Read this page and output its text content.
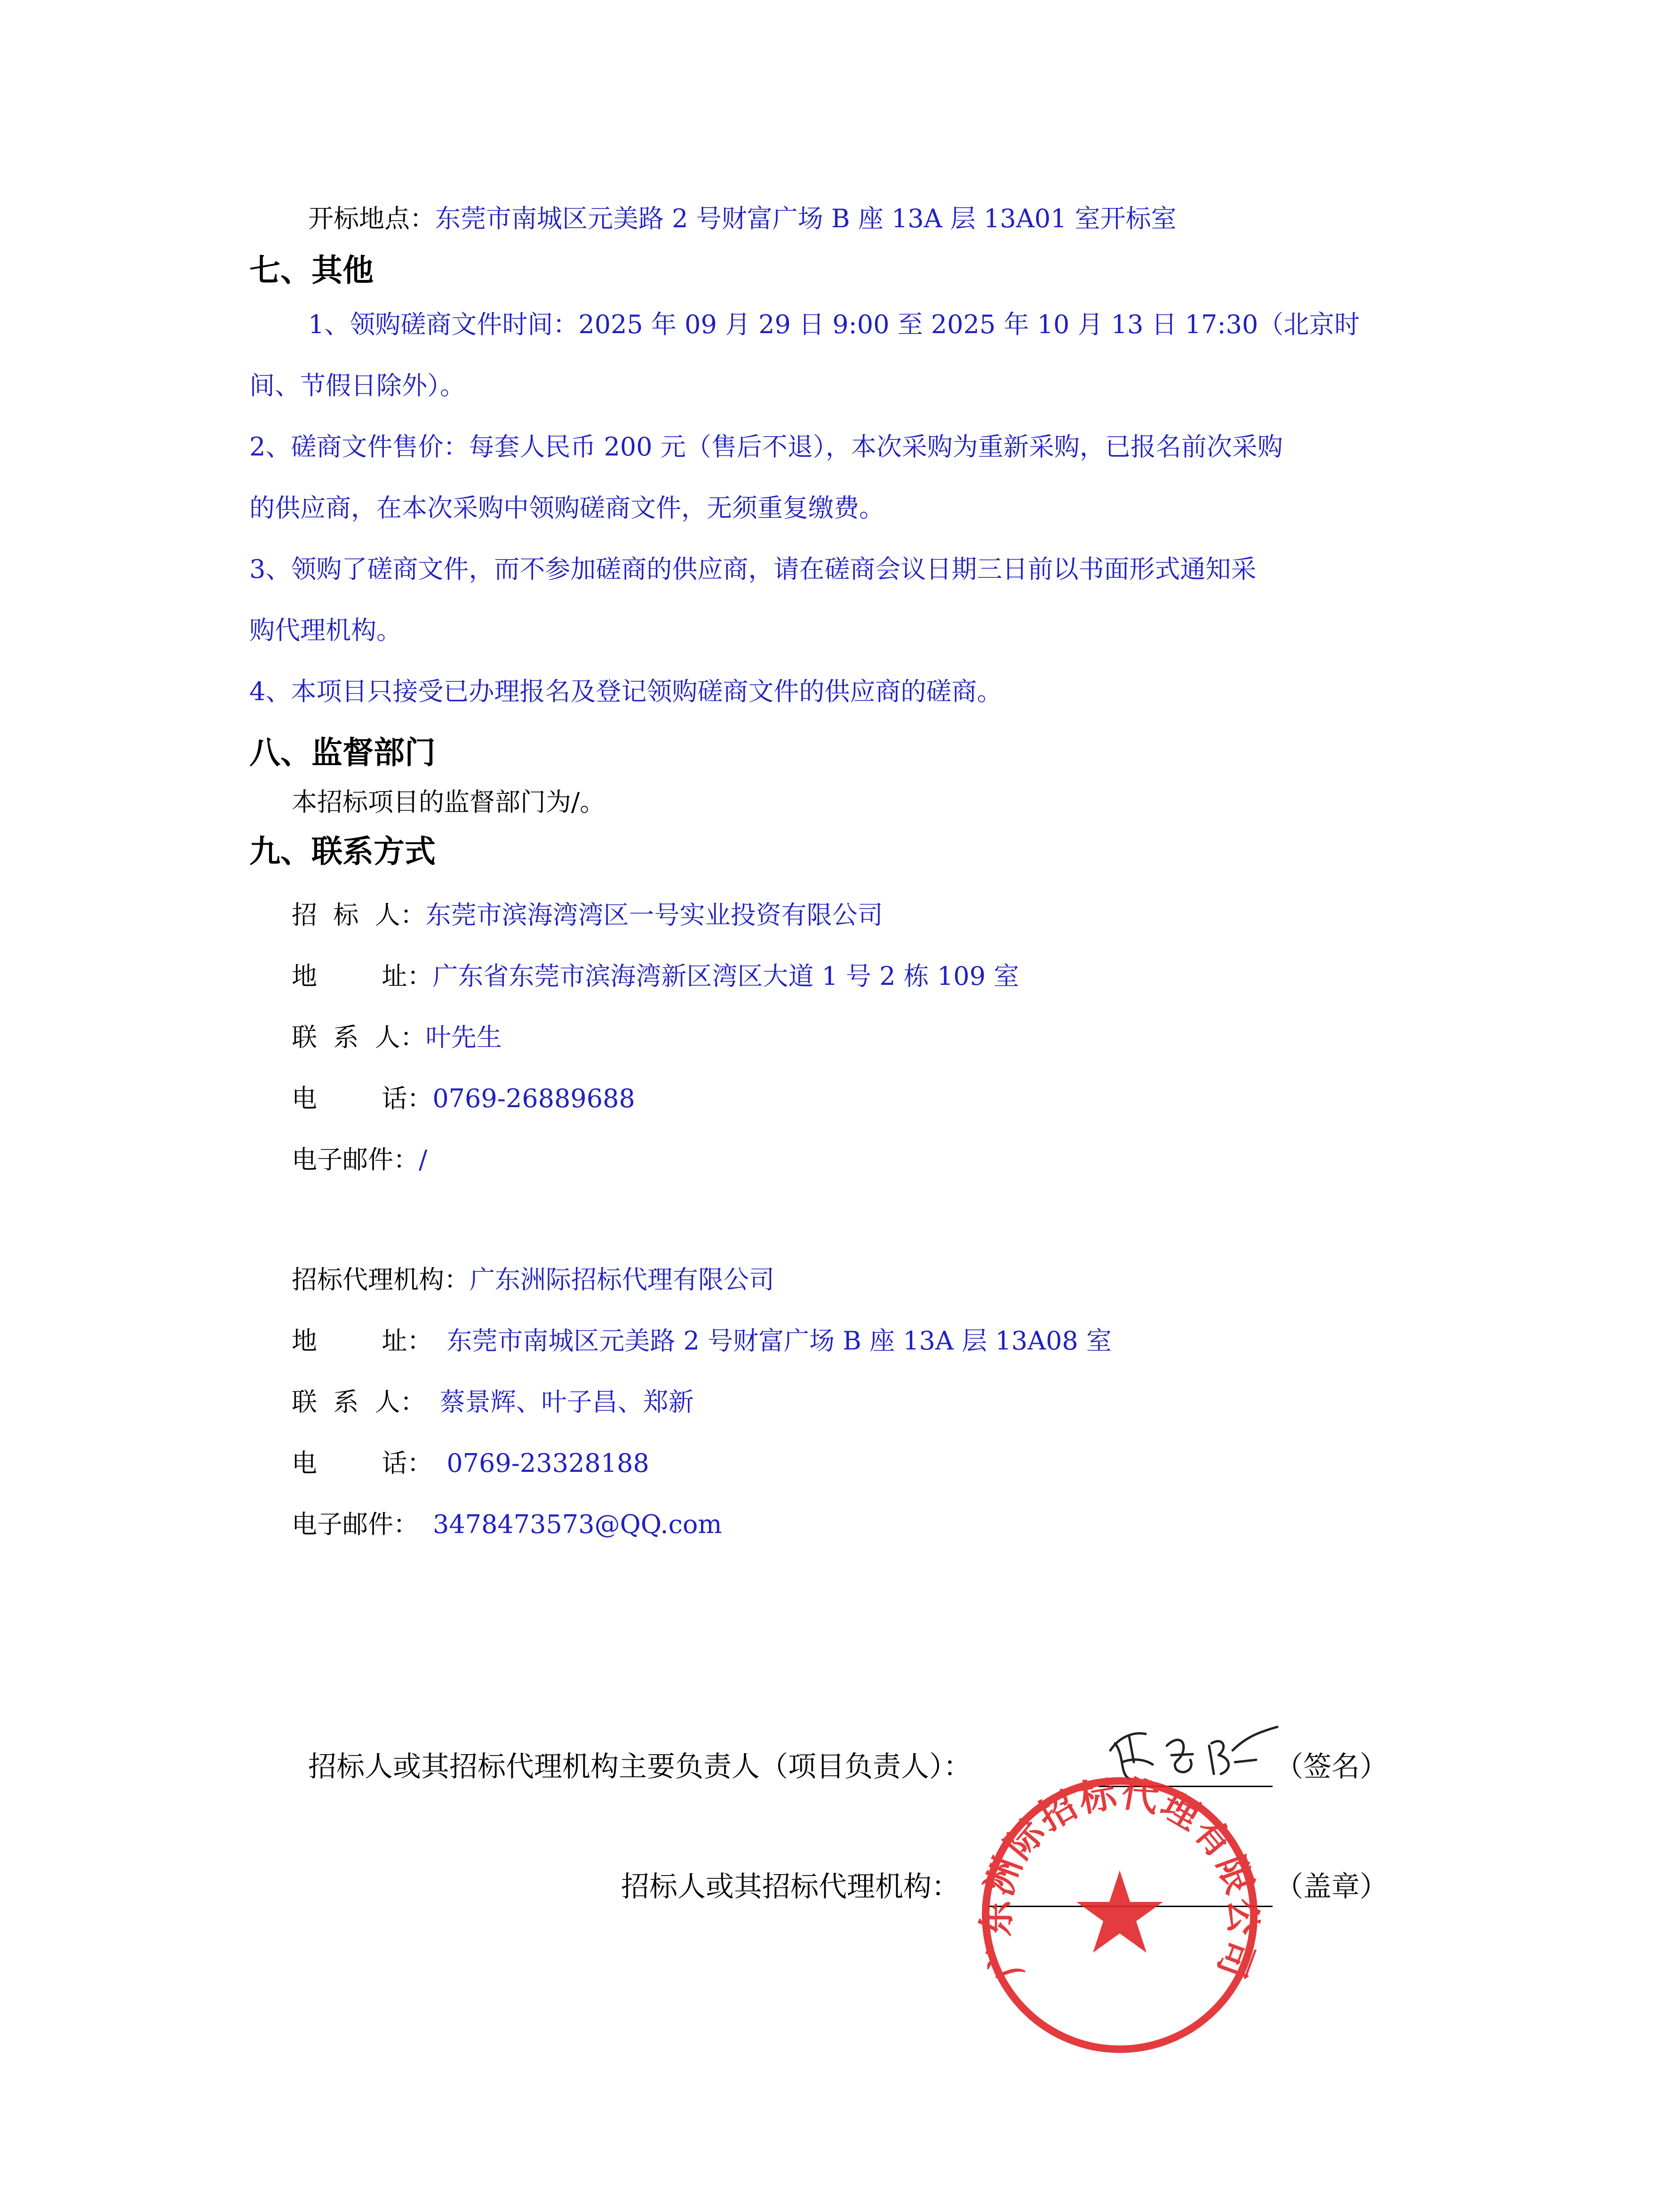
开标地点：东莞市南城区元美路 2 号财富广场 B 座 13A 层 13A01 室开标室
七、其他
1、领购磋商文件时间：2025 年 09 月 29 日 9:00 至 2025 年 10 月 13 日 17:30（北京时
间、节假日除外）。
2、磋商文件售价：每套人民币 200 元（售后不退），本次采购为重新采购，已报名前次采购
的供应商，在本次采购中领购磋商文件，无须重复缴费。
3、领购了磋商文件，而不参加磋商的供应商，请在磋商会议日期三日前以书面形式通知采
购代理机构。
4、本项目只接受已办理报名及登记领购磋商文件的供应商的磋商。
八、监督部门
本招标项目的监督部门为/。
九、联系方式
招  标  人：东莞市滨海湾湾区一号实业投资有限公司
地        址：广东省东莞市滨海湾新区湾区大道 1 号 2 栋 109 室
联  系  人：叶先生
电        话：0769-26889688
电子邮件：/
招标代理机构：广东洲际招标代理有限公司
地        址： 东莞市南城区元美路 2 号财富广场 B 座 13A 层 13A08 室
联  系  人： 蔡景辉、叶子昌、郑新
电        话： 0769-23328188
电子邮件： 3478473573@QQ.com
招标人或其招标代理机构主要负责人（项目负责人）：	（签名）
招标人或其招标代理机构：	（盖章）
广东洲际招标代理有限公司
